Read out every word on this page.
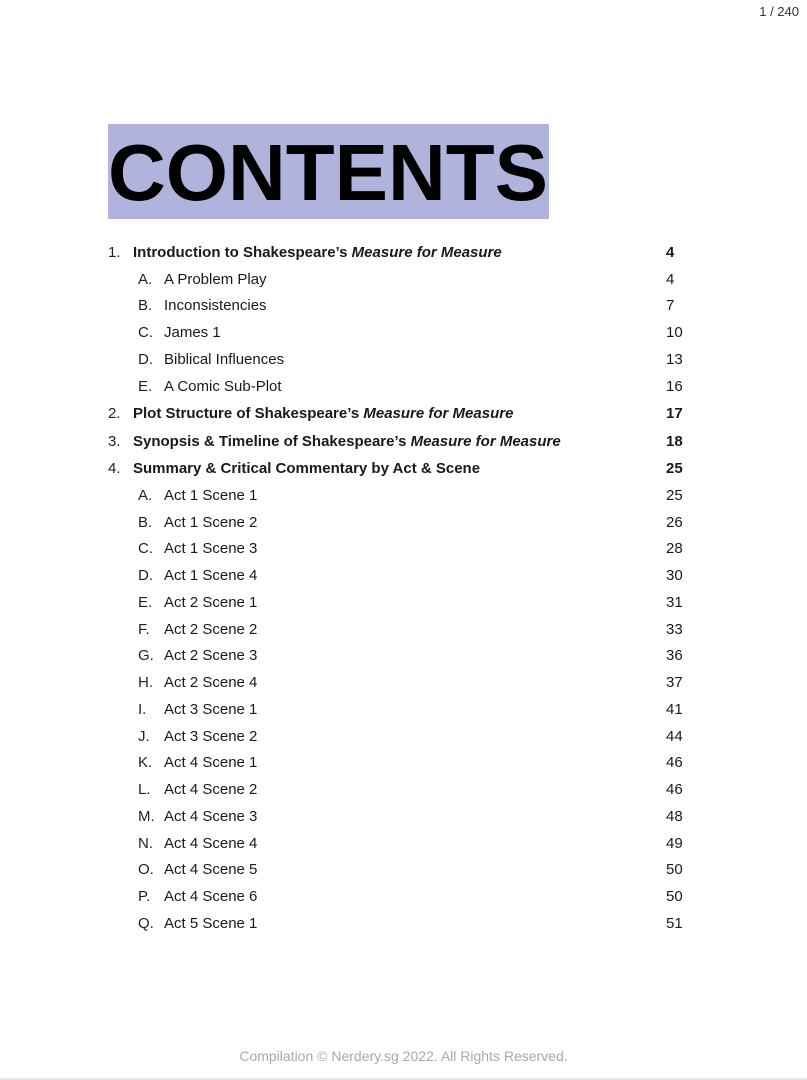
1 / 240
CONTENTS
1. Introduction to Shakespeare’s Measure for Measure	4
A. A Problem Play	4
B. Inconsistencies	7
C. James 1	10
D. Biblical Influences	13
E. A Comic Sub-Plot	16
2. Plot Structure of Shakespeare’s Measure for Measure	17
3. Synopsis & Timeline of Shakespeare’s Measure for Measure	18
4. Summary & Critical Commentary by Act & Scene	25
A. Act 1 Scene 1	25
B. Act 1 Scene 2	26
C. Act 1 Scene 3	28
D. Act 1 Scene 4	30
E. Act 2 Scene 1	31
F. Act 2 Scene 2	33
G. Act 2 Scene 3	36
H. Act 2 Scene 4	37
I. Act 3 Scene 1	41
J. Act 3 Scene 2	44
K. Act 4 Scene 1	46
L. Act 4 Scene 2	46
M. Act 4 Scene 3	48
N. Act 4 Scene 4	49
O. Act 4 Scene 5	50
P. Act 4 Scene 6	50
Q. Act 5 Scene 1	51
Compilation © Nerdery.sg 2022. All Rights Reserved.
